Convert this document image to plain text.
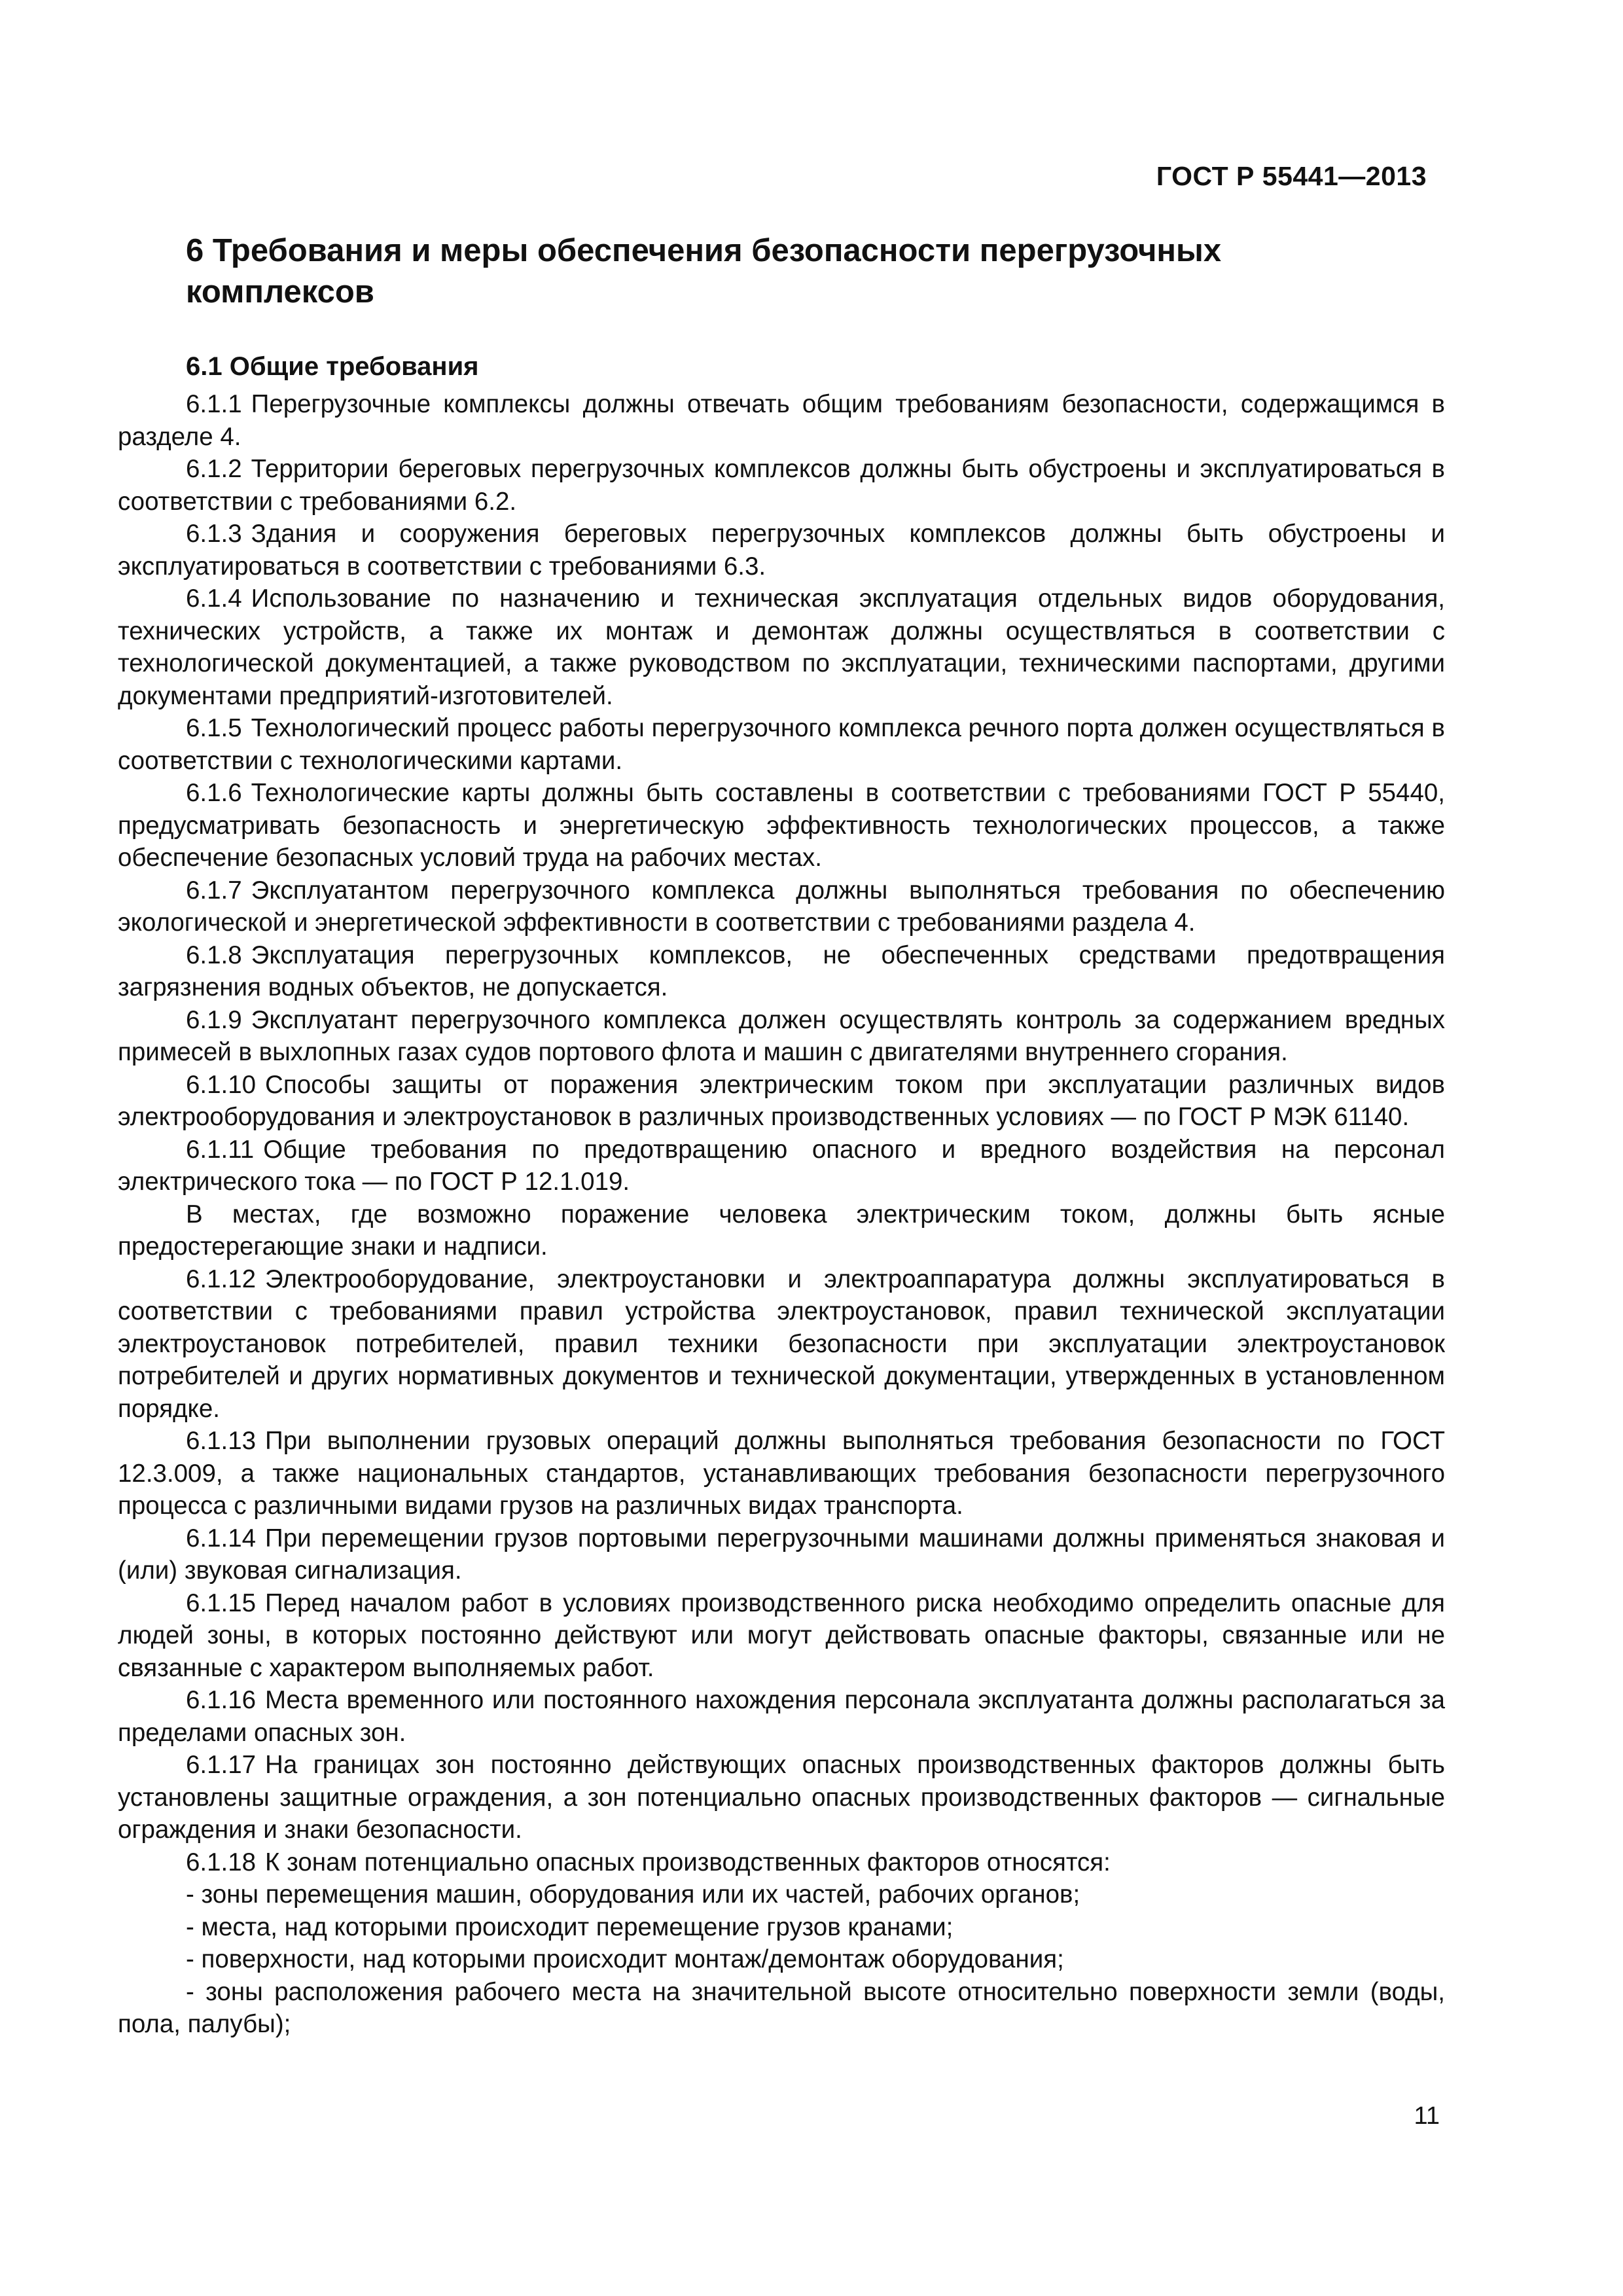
ГОСТ Р 55441—2013
6 Требования и меры обеспечения безопасности перегрузочных комплексов
6.1 Общие требования

6.1.1 Перегрузочные комплексы должны отвечать общим требованиям безопасности, содержащимся в разделе 4.

6.1.2 Территории береговых перегрузочных комплексов должны быть обустроены и эксплуатироваться в соответствии с требованиями 6.2.

6.1.3 Здания и сооружения береговых перегрузочных комплексов должны быть обустроены и эксплуатироваться в соответствии с требованиями 6.3.

6.1.4 Использование по назначению и техническая эксплуатация отдельных видов оборудования, технических устройств, а также их монтаж и демонтаж должны осуществляться в соответствии с технологической документацией, а также руководством по эксплуатации, техническими паспортами, другими документами предприятий-изготовителей.

6.1.5 Технологический процесс работы перегрузочного комплекса речного порта должен осуществляться в соответствии с технологическими картами.

6.1.6 Технологические карты должны быть составлены в соответствии с требованиями ГОСТ Р 55440, предусматривать безопасность и энергетическую эффективность технологических процессов, а также обеспечение безопасных условий труда на рабочих местах.

6.1.7 Эксплуатантом перегрузочного комплекса должны выполняться требования по обеспечению экологической и энергетической эффективности в соответствии с требованиями раздела 4.

6.1.8 Эксплуатация перегрузочных комплексов, не обеспеченных средствами предотвращения загрязнения водных объектов, не допускается.

6.1.9 Эксплуатант перегрузочного комплекса должен осуществлять контроль за содержанием вредных примесей в выхлопных газах судов портового флота и машин с двигателями внутреннего сгорания.

6.1.10 Способы защиты от поражения электрическим током при эксплуатации различных видов электрооборудования и электроустановок в различных производственных условиях — по ГОСТ Р МЭК 61140.

6.1.11 Общие требования по предотвращению опасного и вредного воздействия на персонал электрического тока — по ГОСТ Р 12.1.019.

В местах, где возможно поражение человека электрическим током, должны быть ясные предостерегающие знаки и надписи.

6.1.12 Электрооборудование, электроустановки и электроаппаратура должны эксплуатироваться в соответствии с требованиями правил устройства электроустановок, правил технической эксплуатации электроустановок потребителей, правил техники безопасности при эксплуатации электроустановок потребителей и других нормативных документов и технической документации, утвержденных в установленном порядке.

6.1.13 При выполнении грузовых операций должны выполняться требования безопасности по ГОСТ 12.3.009, а также национальных стандартов, устанавливающих требования безопасности перегрузочного процесса с различными видами грузов на различных видах транспорта.

6.1.14 При перемещении грузов портовыми перегрузочными машинами должны применяться знаковая и (или) звуковая сигнализация.

6.1.15 Перед началом работ в условиях производственного риска необходимо определить опасные для людей зоны, в которых постоянно действуют или могут действовать опасные факторы, связанные или не связанные с характером выполняемых работ.

6.1.16 Места временного или постоянного нахождения персонала эксплуатанта должны располагаться за пределами опасных зон.

6.1.17 На границах зон постоянно действующих опасных производственных факторов должны быть установлены защитные ограждения, а зон потенциально опасных производственных факторов — сигнальные ограждения и знаки безопасности.

6.1.18 К зонам потенциально опасных производственных факторов относятся:

- зоны перемещения машин, оборудования или их частей, рабочих органов;

- места, над которыми происходит перемещение грузов кранами;

- поверхности, над которыми происходит монтаж/демонтаж оборудования;

- зоны расположения рабочего места на значительной высоте относительно поверхности земли (воды, пола, палубы);

11
